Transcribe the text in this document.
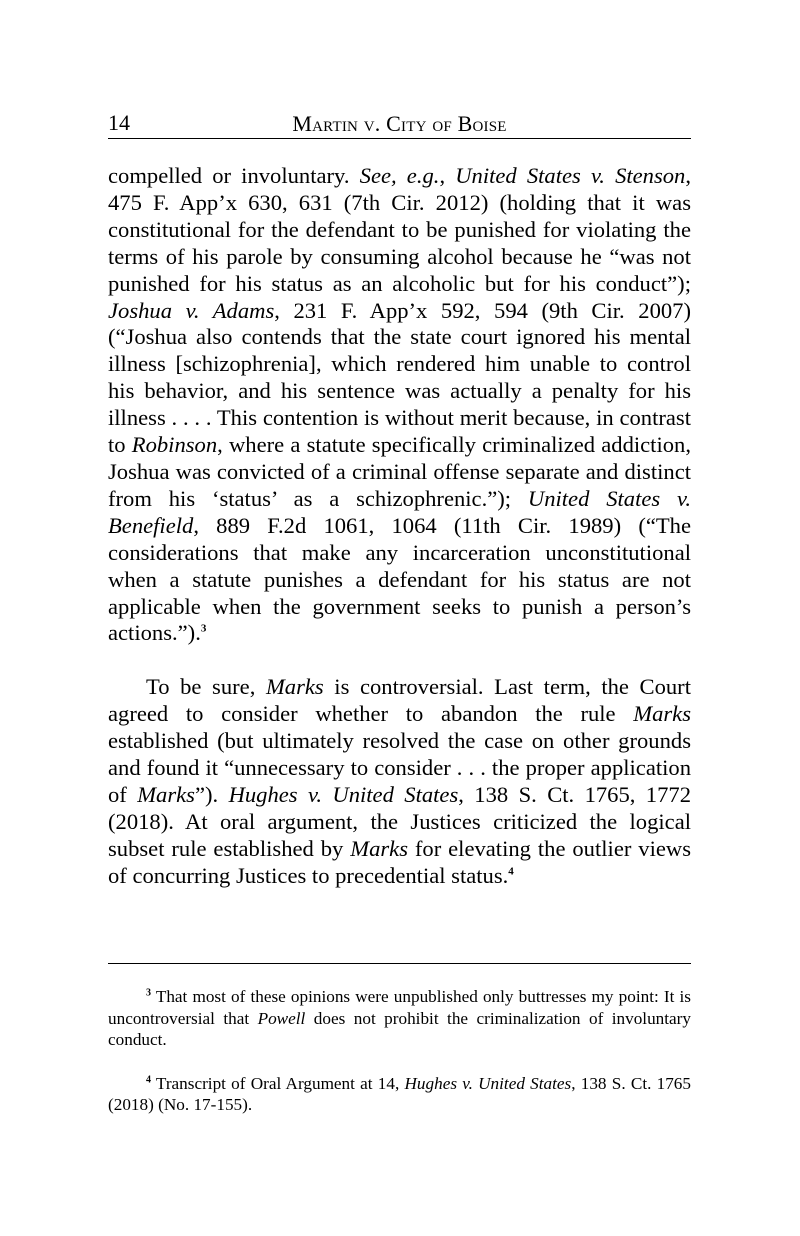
14	Martin v. City of Boise

compelled or involuntary. See, e.g., United States v. Stenson, 475 F. App’x 630, 631 (7th Cir. 2012) (holding that it was constitutional for the defendant to be punished for violating the terms of his parole by consuming alcohol because he “was not punished for his status as an alcoholic but for his conduct”); Joshua v. Adams, 231 F. App’x 592, 594 (9th Cir. 2007) (“Joshua also contends that the state court ignored his mental illness [schizophrenia], which rendered him unable to control his behavior, and his sentence was actually a penalty for his illness . . . . This contention is without merit because, in contrast to Robinson, where a statute specifically criminalized addiction, Joshua was convicted of a criminal offense separate and distinct from his ‘status’ as a schizophrenic.”); United States v. Benefield, 889 F.2d 1061, 1064 (11th Cir. 1989) (“The considerations that make any incarceration unconstitutional when a statute punishes a defendant for his status are not applicable when the government seeks to punish a person’s actions.”).$^3$

To be sure, Marks is controversial. Last term, the Court agreed to consider whether to abandon the rule Marks established (but ultimately resolved the case on other grounds and found it “unnecessary to consider . . . the proper application of Marks”). Hughes v. United States, 138 S. Ct. 1765, 1772 (2018). At oral argument, the Justices criticized the logical subset rule established by Marks for elevating the outlier views of concurring Justices to precedential status.$^4$

$^3$ That most of these opinions were unpublished only buttresses my point: It is uncontroversial that Powell does not prohibit the criminalization of involuntary conduct.

$^4$ Transcript of Oral Argument at 14, Hughes v. United States, 138 S. Ct. 1765 (2018) (No. 17-155).
